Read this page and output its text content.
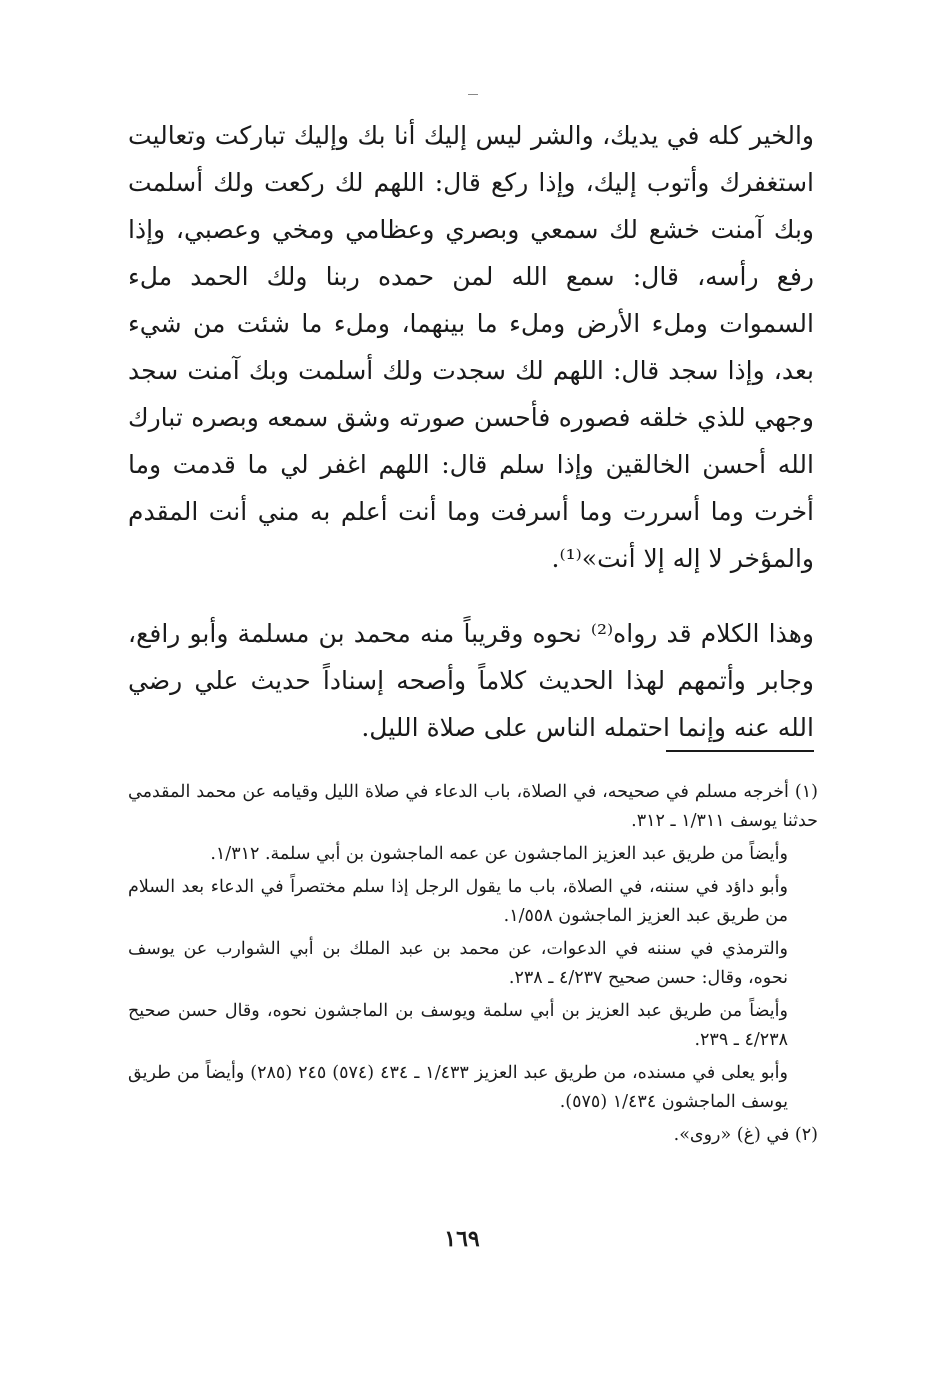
والخير كله في يديك، والشر ليس إليك أنا بك وإليك تباركت وتعاليت استغفرك وأتوب إليك، وإذا ركع قال: اللهم لك ركعت ولك أسلمت وبك آمنت خشع لك سمعي وبصري وعظامي ومخي وعصبي، وإذا رفع رأسه، قال: سمع الله لمن حمده ربنا ولك الحمد ملء السموات وملء الأرض وملء ما بينهما، وملء ما شئت من شيء بعد، وإذا سجد قال: اللهم لك سجدت ولك أسلمت وبك آمنت سجد وجهي للذي خلقه فصوره فأحسن صورته وشق سمعه وبصره تبارك الله أحسن الخالقين وإذا سلم قال: اللهم اغفر لي ما قدمت وما أخرت وما أسررت وما أسرفت وما أنت أعلم به مني أنت المقدم والمؤخر لا إله إلا أنت»⁽¹⁾.

وهذا الكلام قد رواه⁽²⁾ نحوه وقريباً منه محمد بن مسلمة وأبو رافع، وجابر وأتمهم لهذا الحديث كلاماً وأصحه إسناداً حديث علي رضي الله عنه وإنما احتمله الناس على صلاة الليل.

(١) أخرجه مسلم في صحيحه، في الصلاة، باب الدعاء في صلاة الليل وقيامه عن محمد المقدمي حدثنا يوسف ١/٣١١ ـ ٣١٢.

وأيضاً من طريق عبد العزيز الماجشون عن عمه الماجشون بن أبي سلمة. ١/٣١٢.

وأبو داؤد في سننه، في الصلاة، باب ما يقول الرجل إذا سلم مختصراً في الدعاء بعد السلام من طريق عبد العزيز الماجشون ١/٥٥٨.

والترمذي في سننه في الدعوات، عن محمد بن عبد الملك بن أبي الشوارب عن يوسف نحوه، وقال: حسن صحيح ٤/٢٣٧ ـ ٢٣٨.

وأيضاً من طريق عبد العزيز بن أبي سلمة ويوسف بن الماجشون نحوه، وقال حسن صحيح ٤/٢٣٨ ـ ٢٣٩.

وأبو يعلى في مسنده، من طريق عبد العزيز ١/٤٣٣ ـ ٤٣٤ (٥٧٤) ٢٤٥ (٢٨٥) وأيضاً من طريق يوسف الماجشون ١/٤٣٤ (٥٧٥).

(٢) في (غ) «روى».

١٦٩
